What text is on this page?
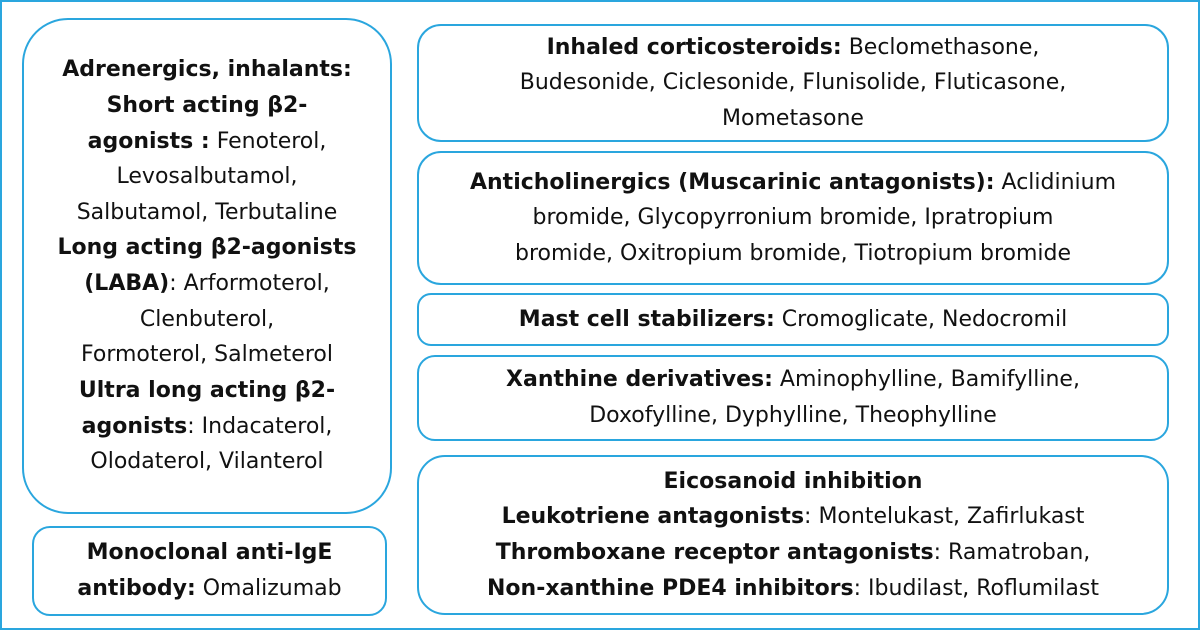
Adrenergics, inhalants:
Short acting β2-
agonists : Fenoterol,
Levosalbutamol,
Salbutamol, Terbutaline
Long acting β2-agonists
(LABA): Arformoterol,
Clenbuterol,
Formoterol, Salmeterol
Ultra long acting β2-
agonists: Indacaterol,
Olodaterol, Vilanterol
Monoclonal anti-IgE
antibody: Omalizumab
Inhaled corticosteroids: Beclomethasone,
Budesonide, Ciclesonide, Flunisolide, Fluticasone,
Mometasone
Anticholinergics (Muscarinic antagonists): Aclidinium
bromide, Glycopyrronium bromide, Ipratropium
bromide, Oxitropium bromide, Tiotropium bromide
Mast cell stabilizers: Cromoglicate, Nedocromil
Xanthine derivatives: Aminophylline, Bamifylline,
Doxofylline, Dyphylline, Theophylline
Eicosanoid inhibition
Leukotriene antagonists: Montelukast, Zafirlukast
Thromboxane receptor antagonists: Ramatroban,
Non-xanthine PDE4 inhibitors: Ibudilast, Roflumilast
